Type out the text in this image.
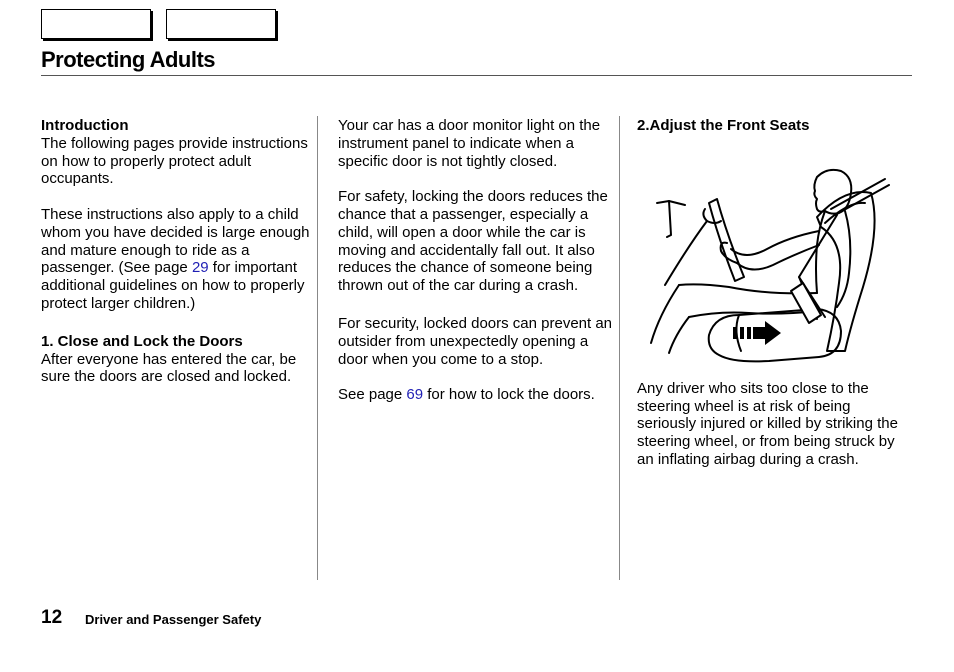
Protecting Adults
Introduction

The following pages provide instructions on how to properly protect adult occupants.

These instructions also apply to a child whom you have decided is large enough and mature enough to ride as a passenger. (See page 29 for important additional guidelines on how to properly protect larger children.)

1. Close and Lock the Doors

After everyone has entered the car, be sure the doors are closed and locked.

Your car has a door monitor light on the instrument panel to indicate when a specific door is not tightly closed.

For safety, locking the doors reduces the chance that a passenger, especially a child, will open a door while the car is moving and accidentally fall out. It also reduces the chance of someone being thrown out of the car during a crash.

For security, locked doors can prevent an outsider from unexpectedly opening a door when you come to a stop.

See page 69 for how to lock the doors.

2.Adjust the Front Seats

Any driver who sits too close to the steering wheel is at risk of being seriously injured or killed by striking the steering wheel, or from being struck by an inflating airbag during a crash.

12 Driver and Passenger Safety
